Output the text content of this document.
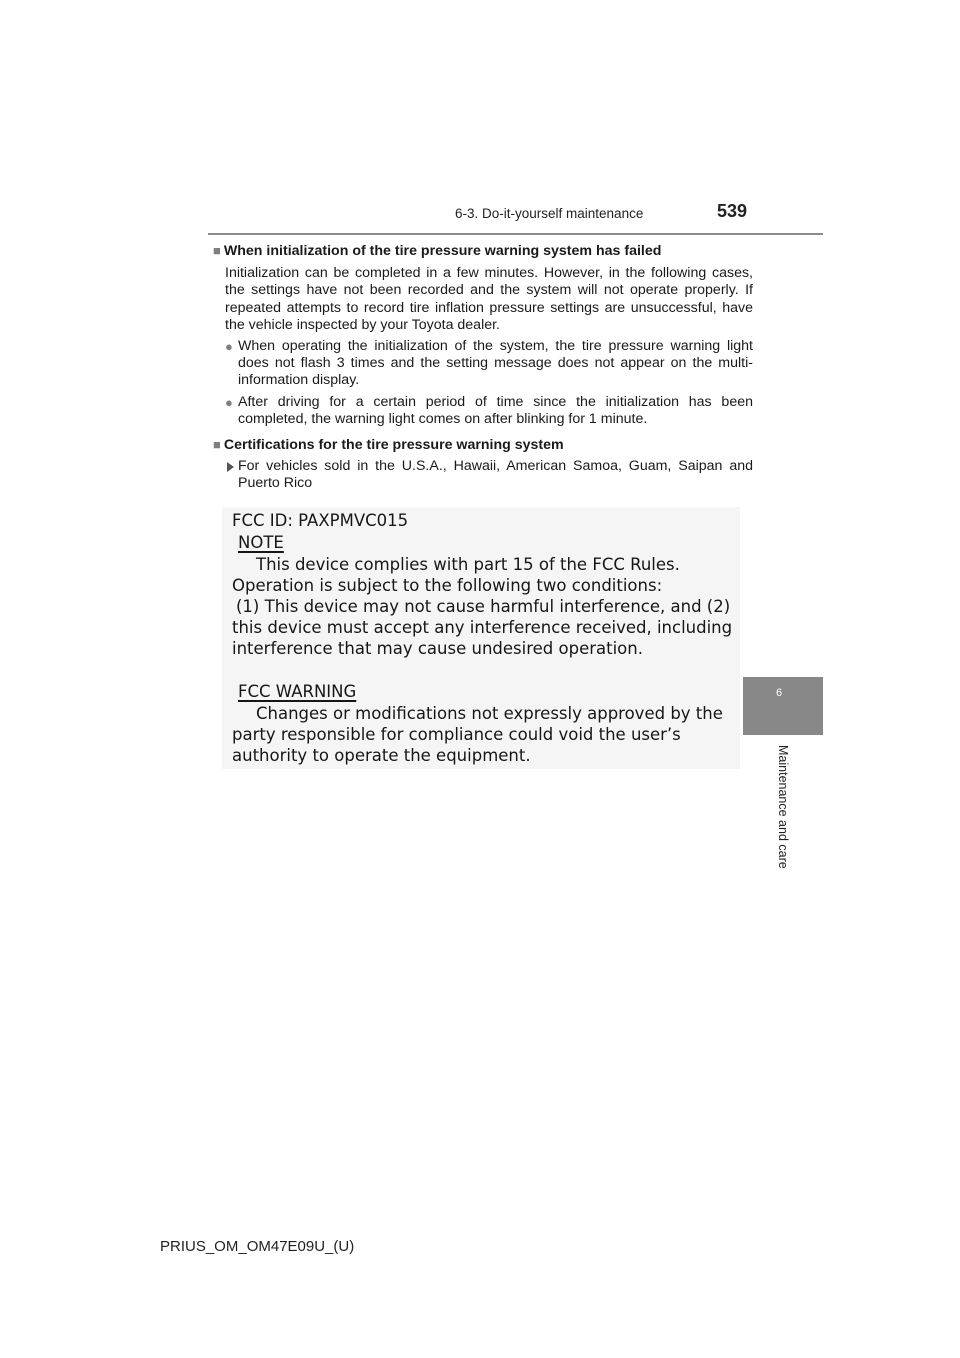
6-3. Do-it-yourself maintenance	539
6
Maintenance and care
■ When initialization of the tire pressure warning system has failed
Initialization can be completed in a few minutes. However, in the following cases, the settings have not been recorded and the system will not operate properly. If repeated attempts to record tire inflation pressure settings are unsuccessful, have the vehicle inspected by your Toyota dealer.
● When operating the initialization of the system, the tire pressure warning light does not flash 3 times and the setting message does not appear on the multi-information display.
● After driving for a certain period of time since the initialization has been completed, the warning light comes on after blinking for 1 minute.
■ Certifications for the tire pressure warning system
For vehicles sold in the U.S.A., Hawaii, American Samoa, Guam, Saipan and Puerto Rico
FCC ID: PAXPMVC015
NOTE
This device complies with part 15 of the FCC Rules.
Operation is subject to the following two conditions:
(1) This device may not cause harmful interference, and (2)
this device must accept any interference received, including
interference that may cause undesired operation.
FCC WARNING
Changes or modifications not expressly approved by the
party responsible for compliance could void the user’s
authority to operate the equipment.
PRIUS_OM_OM47E09U_(U)
